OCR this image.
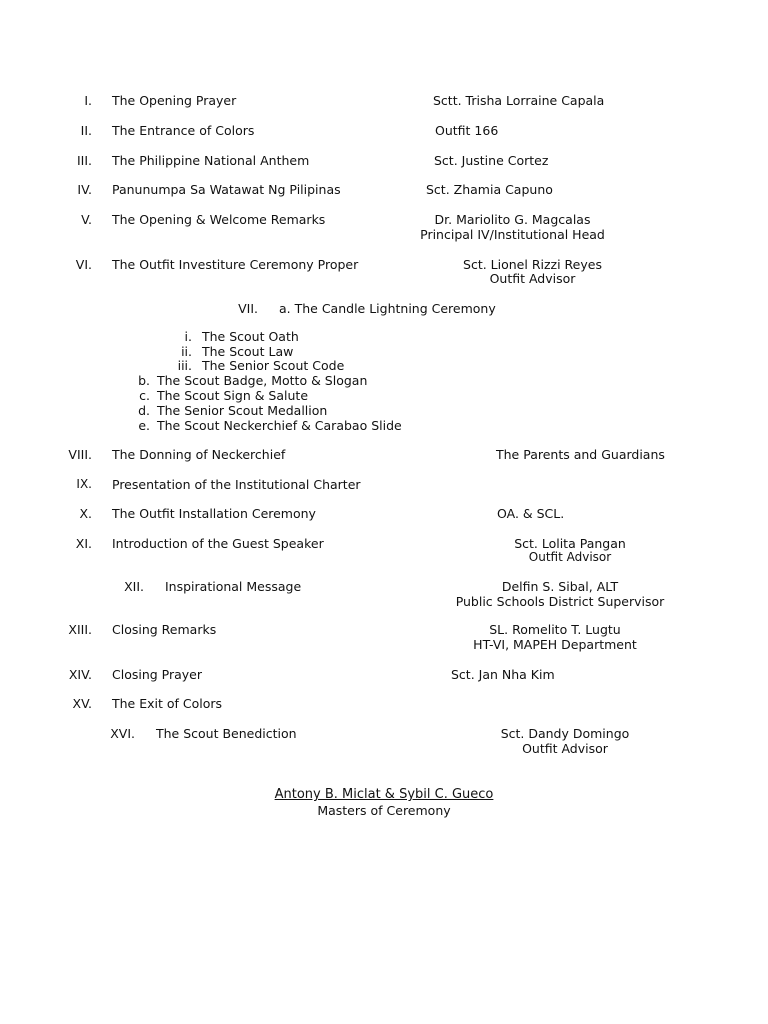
I. The Opening Prayer	Sctt. Trisha Lorraine Capala
II. The Entrance of Colors	Outfit 166
III. The Philippine National Anthem	Sct. Justine Cortez
IV. Panunumpa Sa Watawat Ng Pilipinas	Sct. Zhamia Capuno
V. The Opening & Welcome Remarks	Dr. Mariolito G. Magcalas
Principal IV/Institutional Head
VI. The Outfit Investiture Ceremony Proper	Sct. Lionel Rizzi Reyes
Outfit Advisor
VII. a. The Candle Lightning Ceremony
i. The Scout Oath
ii. The Scout Law
iii. The Senior Scout Code
b. The Scout Badge, Motto & Slogan
c. The Scout Sign & Salute
d. The Senior Scout Medallion
e. The Scout Neckerchief & Carabao Slide
VIII. The Donning of Neckerchief	The Parents and Guardians
IX. Presentation of the Institutional Charter
X. The Outfit Installation Ceremony	OA. & SCL.
XI. Introduction of the Guest Speaker	Sct. Lolita Pangan
Outfit Advisor
XII. Inspirational Message	Delfin S. Sibal, ALT
Public Schools District Supervisor
XIII. Closing Remarks	SL. Romelito T. Lugtu
HT-VI, MAPEH Department
XIV. Closing Prayer	Sct. Jan Nha Kim
XV. The Exit of Colors
XVI. The Scout Benediction	Sct. Dandy Domingo
Outfit Advisor
Antony B. Miclat & Sybil C. Gueco
Masters of Ceremony
